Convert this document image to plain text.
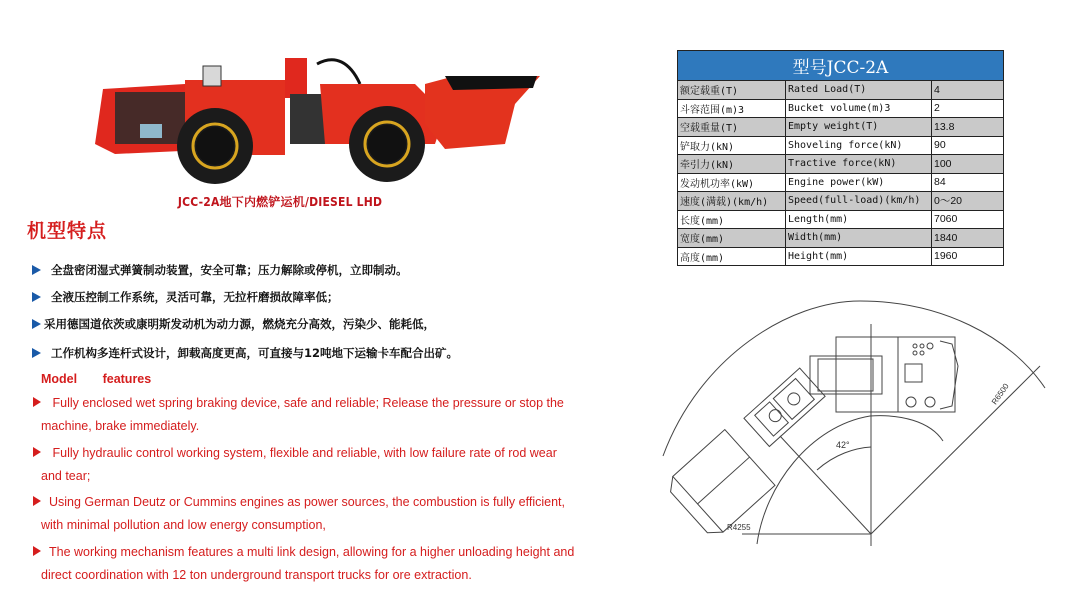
JCC-2A地下内燃铲运机/DIESEL LHD
机型特点
全盘密闭湿式弹簧制动装置，安全可靠；压力解除或停机，立即制动。
全液压控制工作系统，灵活可靠，无拉杆磨损故障率低；
采用德国道依茨或康明斯发动机为动力源，燃烧充分高效，污染少、能耗低，
工作机构多连杆式设计，卸载高度更高，可直接与12吨地下运输卡车配合出矿。
Model features
Fully enclosed wet spring braking device, safe and reliable; Release the pressure or stop the
machine, brake immediately.
Fully hydraulic control working system, flexible and reliable, with low failure rate of rod wear
and tear;
Using German Deutz or Cummins engines as power sources, the combustion is fully efficient,
with minimal pollution and low energy consumption,
The working mechanism features a multi link design, allowing for a higher unloading height and
direct coordination with 12 ton underground transport trucks for ore extraction.
型号JCC-2A		
额定载重(T)	Rated Load(T)	4
斗容范围(m)3	Bucket volume(m)3	2
空载重量(T)	Empty weight(T)	13.8
铲取力(kN)	Shoveling force(kN)	90
牵引力(kN)	Tractive force(kN)	100
发动机功率(kW)	Engine power(kW)	84
速度(满载)(km/h)	Speed(full-load)(km/h)	0～20
长度(mm)	Length(mm)	7060
宽度(mm)	Width(mm)	1840
高度(mm)	Height(mm)	1960
R6500
R4255
42°
